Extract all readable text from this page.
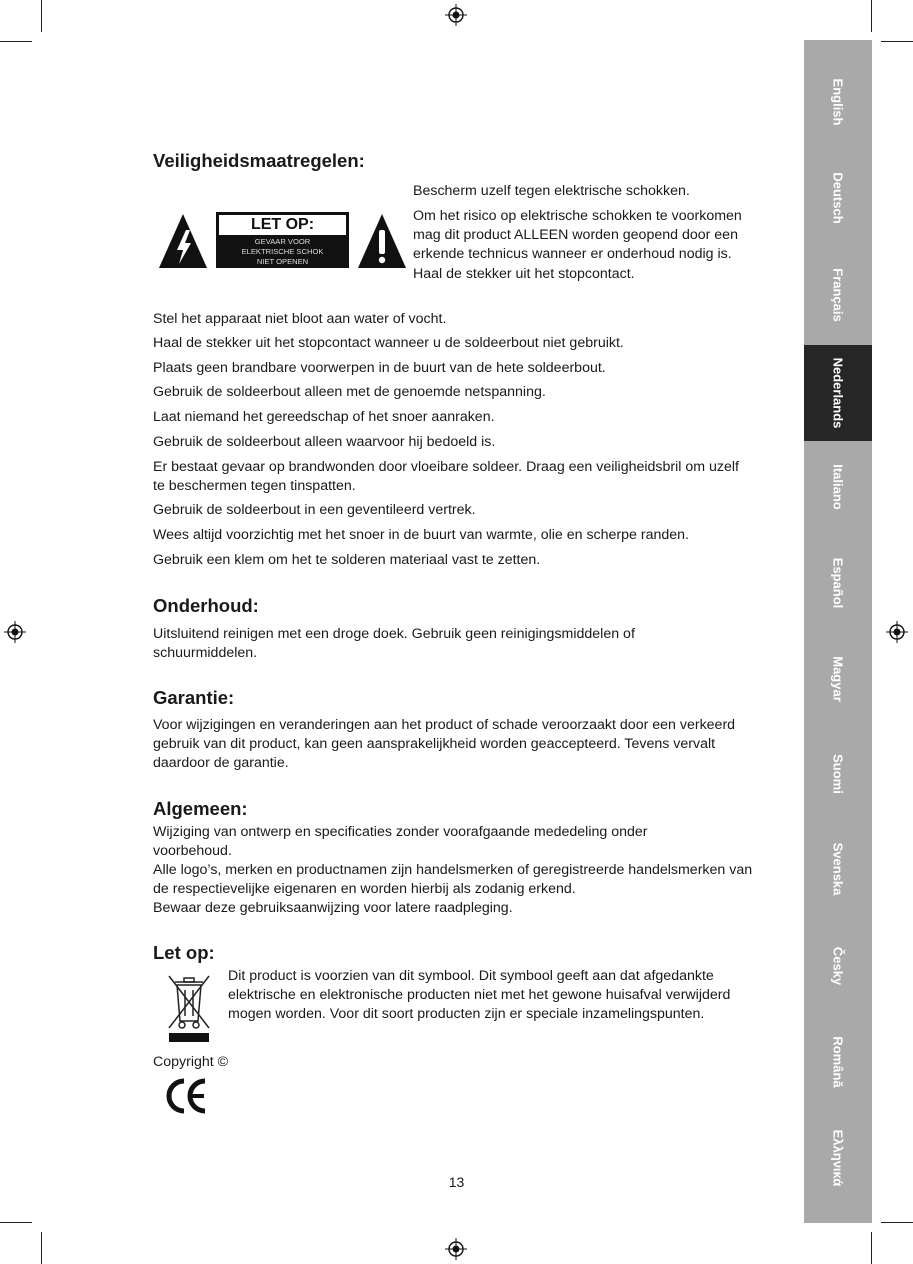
English
Deutsch
Français
Nederlands
Italiano
Español
Magyar
Suomi
Svenska
Česky
Română
Ελληνικά
Veiligheidsmaatregelen:
LET OP:
GEVAAR VOOR
ELEKTRISCHE SCHOK
NIET OPENEN
Bescherm uzelf tegen elektrische schokken.
Om het risico op elektrische schokken te voorkomen mag dit product ALLEEN worden geopend door een erkende technicus wanneer er onderhoud nodig is. Haal de stekker uit het stopcontact.
Stel het apparaat niet bloot aan water of vocht.
Haal de stekker uit het stopcontact wanneer u de soldeerbout niet gebruikt.
Plaats geen brandbare voorwerpen in de buurt van de hete soldeerbout.
Gebruik de soldeerbout alleen met de genoemde netspanning.
Laat niemand het gereedschap of het snoer aanraken.
Gebruik de soldeerbout alleen waarvoor hij bedoeld is.
Er bestaat gevaar op brandwonden door vloeibare soldeer. Draag een veiligheidsbril om uzelf te beschermen tegen tinspatten.
Gebruik de soldeerbout in een geventileerd vertrek.
Wees altijd voorzichtig met het snoer in de buurt van warmte, olie en scherpe randen.
Gebruik een klem om het te solderen materiaal vast te zetten.
Onderhoud:
Uitsluitend reinigen met een droge doek. Gebruik geen reinigingsmiddelen of schuurmiddelen.
Garantie:
Voor wijzigingen en veranderingen aan het product of schade veroorzaakt door een verkeerd gebruik van dit product, kan geen aansprakelijkheid worden geaccepteerd. Tevens vervalt daardoor de garantie.
Algemeen:
Wijziging van ontwerp en specificaties zonder voorafgaande mededeling onder voorbehoud.
Alle logo’s, merken en productnamen zijn handelsmerken of geregistreerde handelsmerken van de respectievelijke eigenaren en worden hierbij als zodanig erkend.
Bewaar deze gebruiksaanwijzing voor latere raadpleging.
Let op:
Dit product is voorzien van dit symbool. Dit symbool geeft aan dat afgedankte elektrische en elektronische producten niet met het gewone huisafval verwijderd mogen worden. Voor dit soort producten zijn er speciale inzamelingspunten.
Copyright ©
13
